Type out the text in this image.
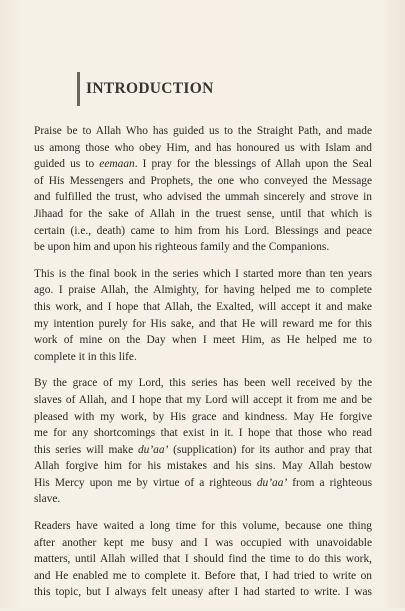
INTRODUCTION

Praise be to Allah Who has guided us to the Straight Path, and made
us among those who obey Him, and has honoured us with Islam and
guided us to eemaan. I pray for the blessings of Allah upon the Seal
of His Messengers and Prophets, the one who conveyed the Message
and fulfilled the trust, who advised the ummah sincerely and strove in
Jihaad for the sake of Allah in the truest sense, until that which is
certain (i.e., death) came to him from his Lord. Blessings and peace
be upon him and upon his righteous family and the Companions.

This is the final book in the series which I started more than ten years
ago. I praise Allah, the Almighty, for having helped me to complete
this work, and I hope that Allah, the Exalted, will accept it and make
my intention purely for His sake, and that He will reward me for this
work of mine on the Day when I meet Him, as He helped me to
complete it in this life.

By the grace of my Lord, this series has been well received by the
slaves of Allah, and I hope that my Lord will accept it from me and be
pleased with my work, by His grace and kindness. May He forgive
me for any shortcomings that exist in it. I hope that those who read
this series will make du’aa’ (supplication) for its author and pray that
Allah forgive him for his mistakes and his sins. May Allah bestow
His Mercy upon me by virtue of a righteous du’aa’ from a righteous
slave.

Readers have waited a long time for this volume, because one thing
after another kept me busy and I was occupied with unavoidable
matters, until Allah willed that I should find the time to do this work,
and He enabled me to complete it. Before that, I had tried to write on
this topic, but I always felt uneasy after I had started to write. I was
